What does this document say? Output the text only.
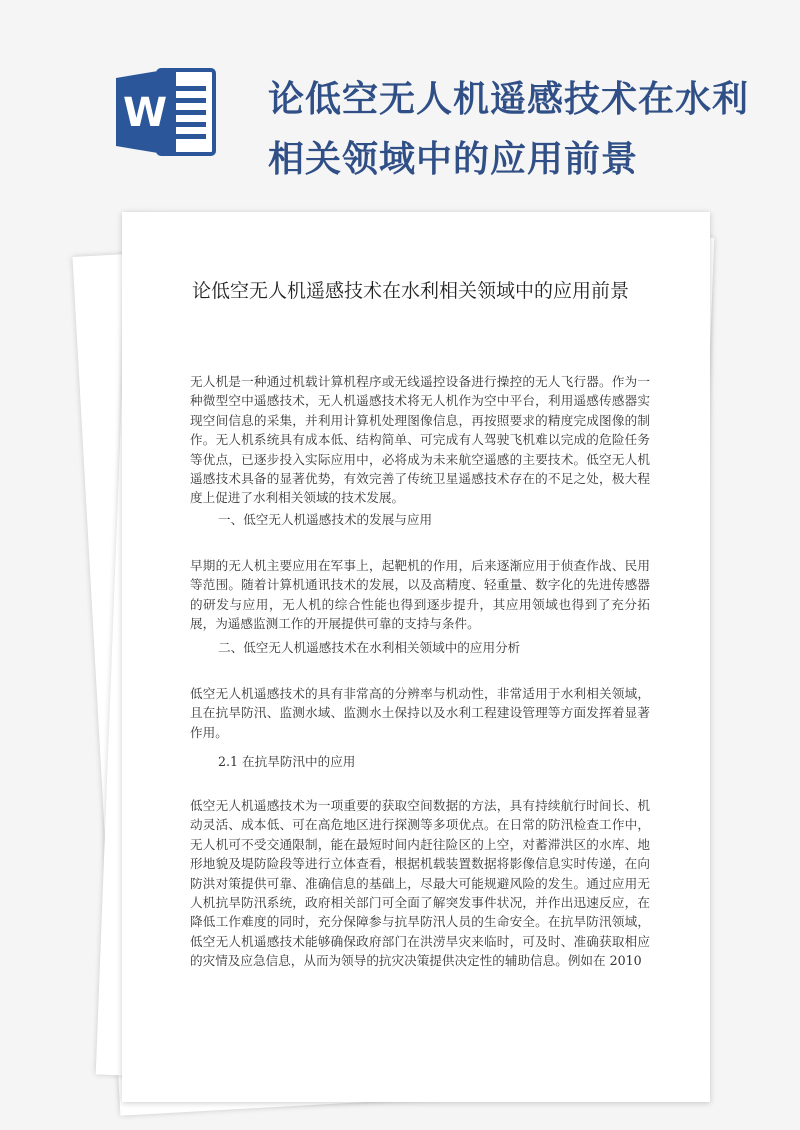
W	论低空无人机遥感技术在水利相关领域中的应用前景
论低空无人机遥感技术在水利相关领域中的应用前景

无人机是一种通过机载计算机程序或无线遥控设备进行操控的无人飞行器。作为一种微型空中遥感技术，无人机遥感技术将无人机作为空中平台，利用遥感传感器实现空间信息的采集，并利用计算机处理图像信息，再按照要求的精度完成图像的制作。无人机系统具有成本低、结构简单、可完成有人驾驶飞机难以完成的危险任务等优点，已逐步投入实际应用中，必将成为未来航空遥感的主要技术。低空无人机遥感技术具备的显著优势，有效完善了传统卫星遥感技术存在的不足之处，极大程度上促进了水利相关领域的技术发展。

一、低空无人机遥感技术的发展与应用

早期的无人机主要应用在军事上，起靶机的作用，后来逐渐应用于侦查作战、民用等范围。随着计算机通讯技术的发展，以及高精度、轻重量、数字化的先进传感器的研发与应用，无人机的综合性能也得到逐步提升，其应用领域也得到了充分拓展，为遥感监测工作的开展提供可靠的支持与条件。

二、低空无人机遥感技术在水利相关领域中的应用分析

低空无人机遥感技术的具有非常高的分辨率与机动性，非常适用于水利相关领域，且在抗旱防汛、监测水域、监测水土保持以及水利工程建设管理等方面发挥着显著作用。

2.1 在抗旱防汛中的应用

低空无人机遥感技术为一项重要的获取空间数据的方法，具有持续航行时间长、机动灵活、成本低、可在高危地区进行探测等多项优点。在日常的防汛检查工作中，无人机可不受交通限制，能在最短时间内赶往险区的上空，对蓄滞洪区的水库、地形地貌及堤防险段等进行立体查看，根据机载装置数据将影像信息实时传递，在向防洪对策提供可靠、准确信息的基础上，尽最大可能规避风险的发生。通过应用无人机抗旱防汛系统，政府相关部门可全面了解突发事件状况，并作出迅速反应，在降低工作难度的同时，充分保障参与抗旱防汛人员的生命安全。在抗旱防汛领域，低空无人机遥感技术能够确保政府部门在洪涝旱灾来临时，可及时、准确获取相应的灾情及应急信息，从而为领导的抗灾决策提供决定性的辅助信息。例如在 2010
